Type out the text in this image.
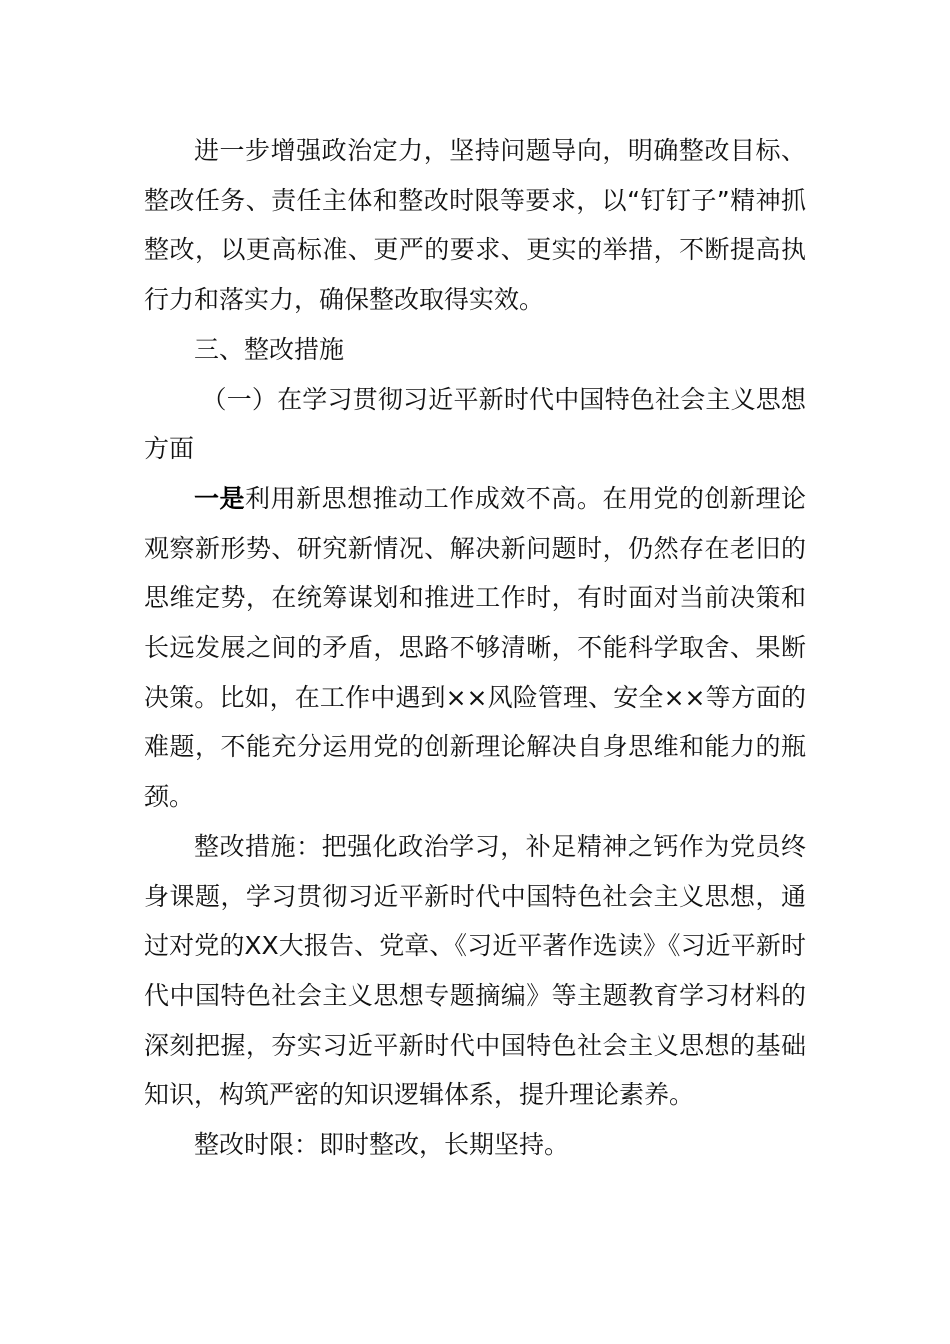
进一步增强政治定力，坚持问题导向，明确整改目标、整改任务、责任主体和整改时限等要求，以“钉钉子”精神抓整改，以更高标准、更严的要求、更实的举措，不断提高执行力和落实力，确保整改取得实效。

三、整改措施

（一）在学习贯彻习近平新时代中国特色社会主义思想方面

一是利用新思想推动工作成效不高。在用党的创新理论观察新形势、研究新情况、解决新问题时，仍然存在老旧的思维定势，在统筹谋划和推进工作时，有时面对当前决策和长远发展之间的矛盾，思路不够清晰，不能科学取舍、果断决策。比如，在工作中遇到××风险管理、安全××等方面的难题，不能充分运用党的创新理论解决自身思维和能力的瓶颈。

整改措施：把强化政治学习，补足精神之钙作为党员终身课题，学习贯彻习近平新时代中国特色社会主义思想，通过对党的XX大报告、党章、《习近平著作选读》《习近平新时代中国特色社会主义思想专题摘编》等主题教育学习材料的深刻把握，夯实习近平新时代中国特色社会主义思想的基础知识，构筑严密的知识逻辑体系，提升理论素养。

整改时限：即时整改，长期坚持。
